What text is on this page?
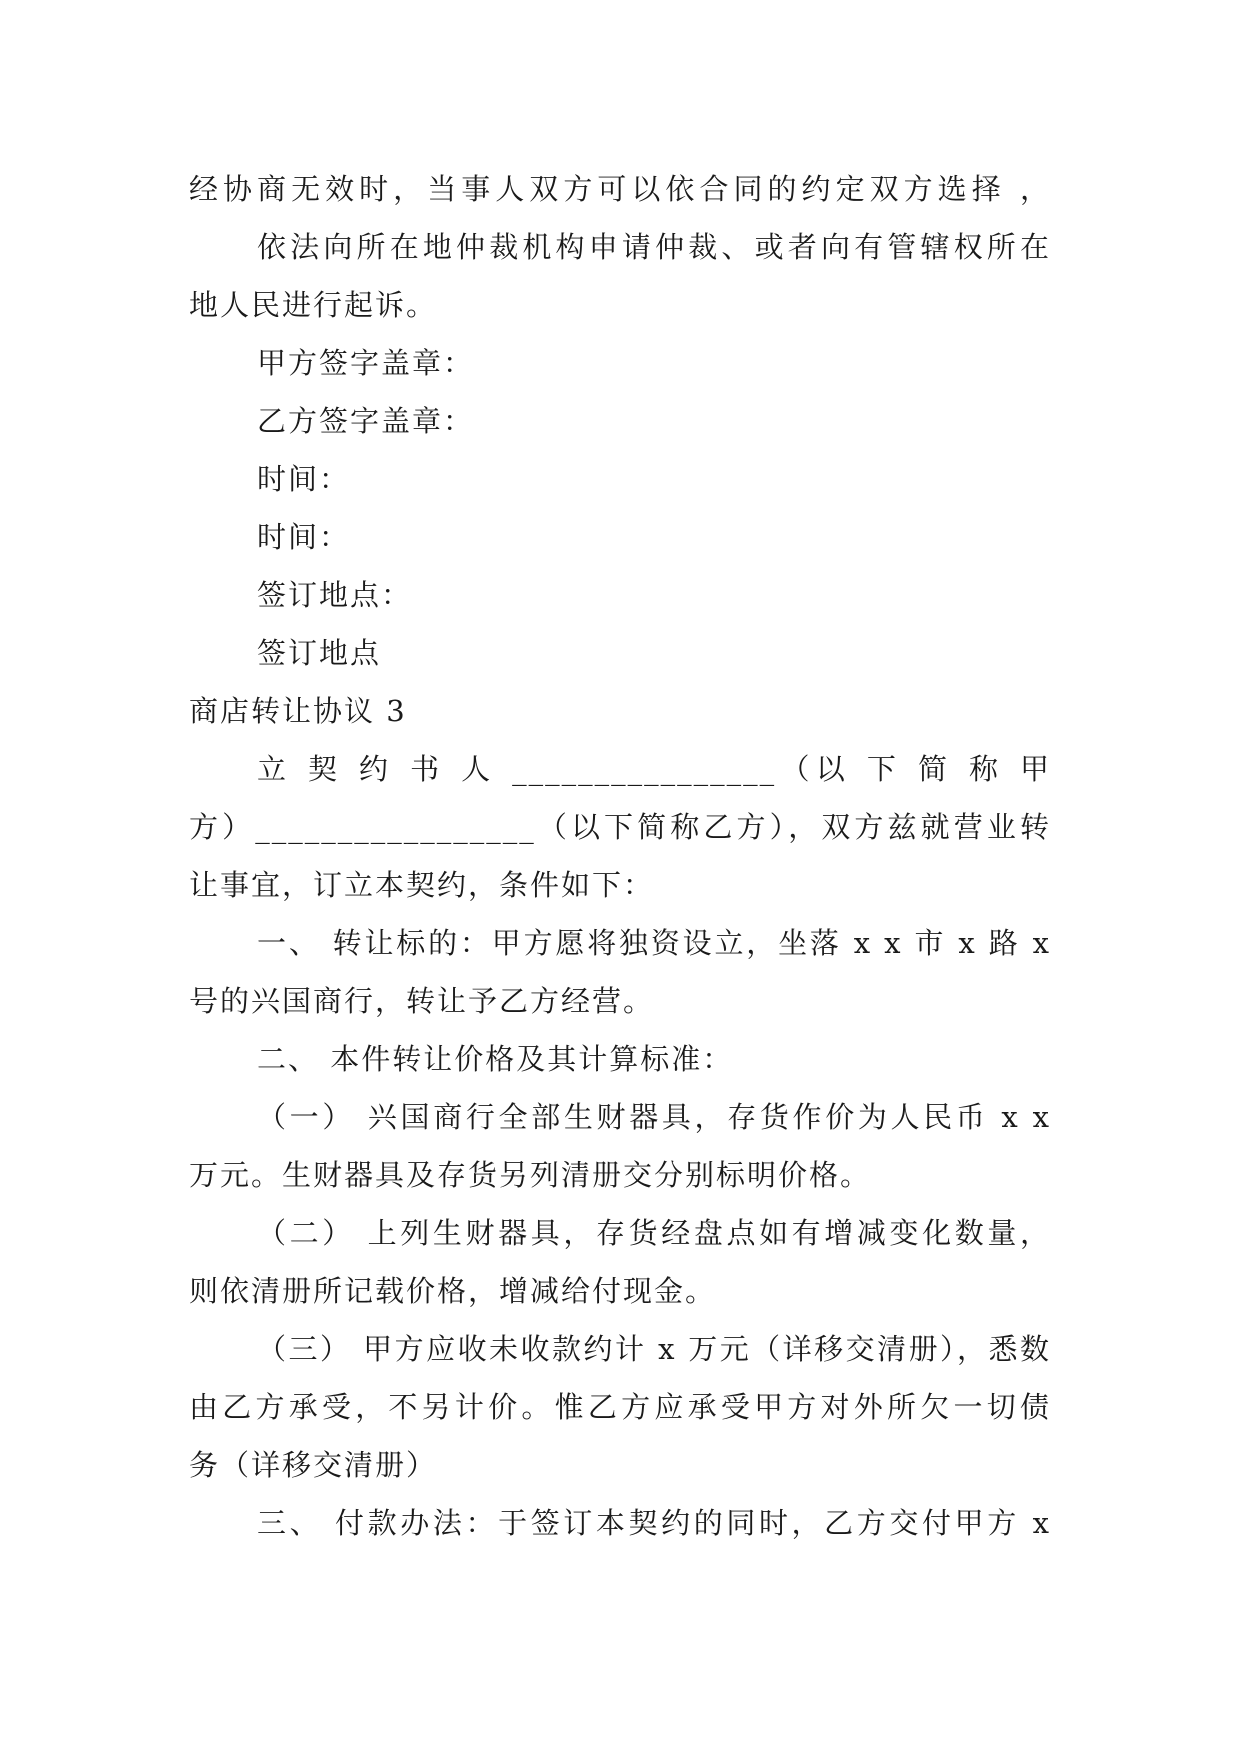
经协商无效时，当事人双方可以依合同的约定双方选择 ，
依法向所在地仲裁机构申请仲裁、或者向有管辖权所在
地人民进行起诉。
甲方签字盖章：
乙方签字盖章：
时间：
时间：
签订地点：
签订地点
商店转让协议 3
立 契 约 书 人 ________________（以 下 简 称 甲
方）_________________（以下简称乙方），双方兹就营业转
让事宜，订立本契约，条件如下：
一、 转让标的：甲方愿将独资设立，坐落 x x 市 x 路 x
号的兴国商行，转让予乙方经营。
二、 本件转让价格及其计算标准：
（一） 兴国商行全部生财器具，存货作价为人民币 x x
万元。生财器具及存货另列清册交分别标明价格。
（二） 上列生财器具，存货经盘点如有增减变化数量，
则依清册所记载价格，增减给付现金。
（三） 甲方应收未收款约计 x 万元（详移交清册），悉数
由乙方承受，不另计价。惟乙方应承受甲方对外所欠一切债
务（详移交清册）
三、 付款办法：于签订本契约的同时，乙方交付甲方 x
